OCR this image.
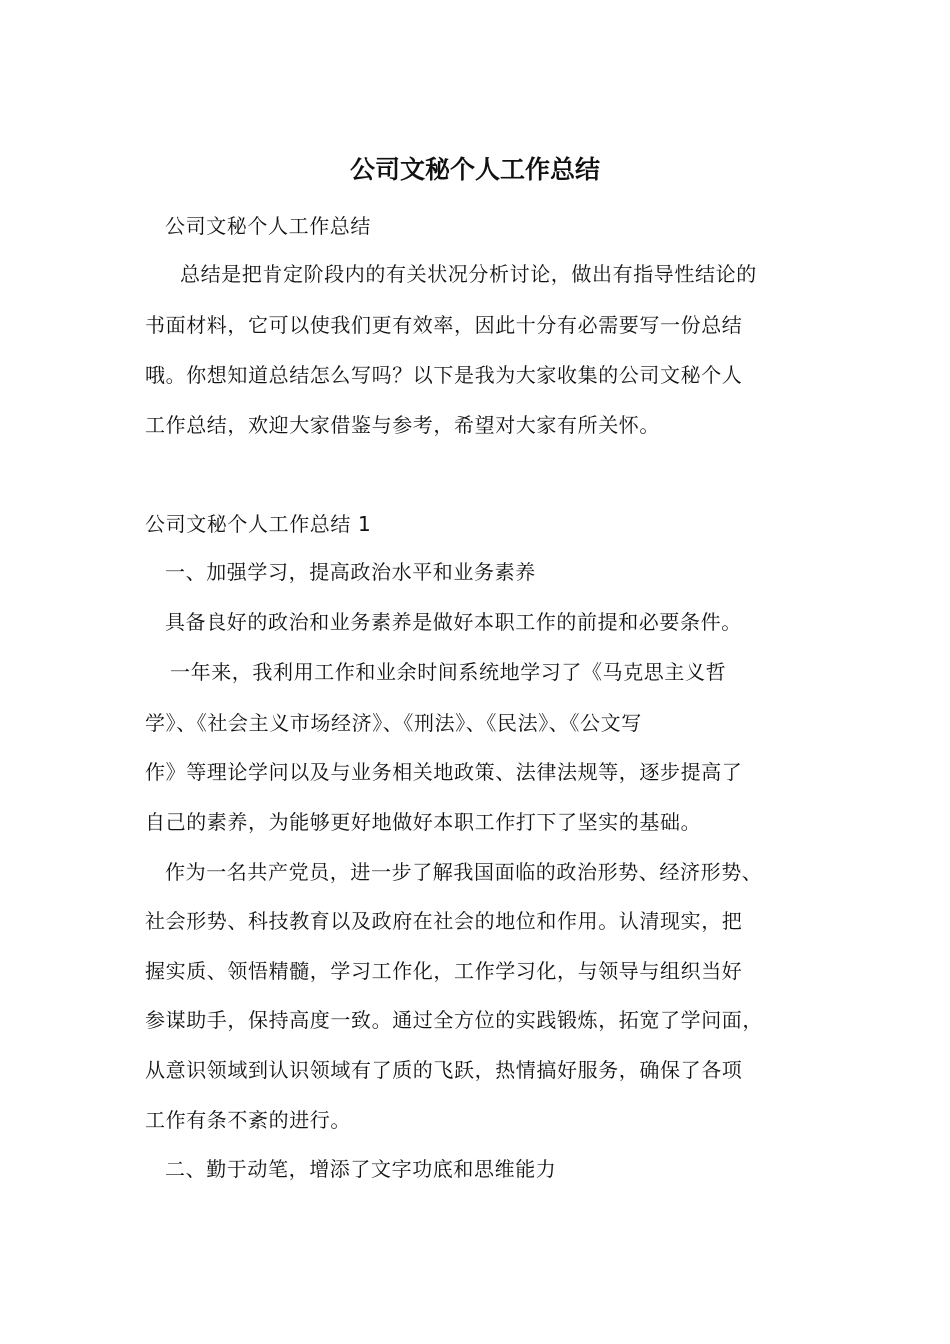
公司文秘个人工作总结

公司文秘个人工作总结

总结是把肯定阶段内的有关状况分析讨论，做出有指导性结论的

书面材料，它可以使我们更有效率，因此十分有必需要写一份总结

哦。你想知道总结怎么写吗？以下是我为大家收集的公司文秘个人

工作总结，欢迎大家借鉴与参考，希望对大家有所关怀。

公司文秘个人工作总结 1

一、加强学习，提高政治水平和业务素养

具备良好的政治和业务素养是做好本职工作的前提和必要条件。

一年来，我利用工作和业余时间系统地学习了《马克思主义哲

学》、《社会主义市场经济》、《刑法》、《民法》、《公文写

作》等理论学问以及与业务相关地政策、法律法规等，逐步提高了

自己的素养，为能够更好地做好本职工作打下了坚实的基础。

作为一名共产党员，进一步了解我国面临的政治形势、经济形势、

社会形势、科技教育以及政府在社会的地位和作用。认清现实，把

握实质、领悟精髓，学习工作化，工作学习化，与领导与组织当好

参谋助手，保持高度一致。通过全方位的实践锻炼，拓宽了学问面，

从意识领域到认识领域有了质的飞跃，热情搞好服务，确保了各项

工作有条不紊的进行。

二、勤于动笔，增添了文字功底和思维能力
